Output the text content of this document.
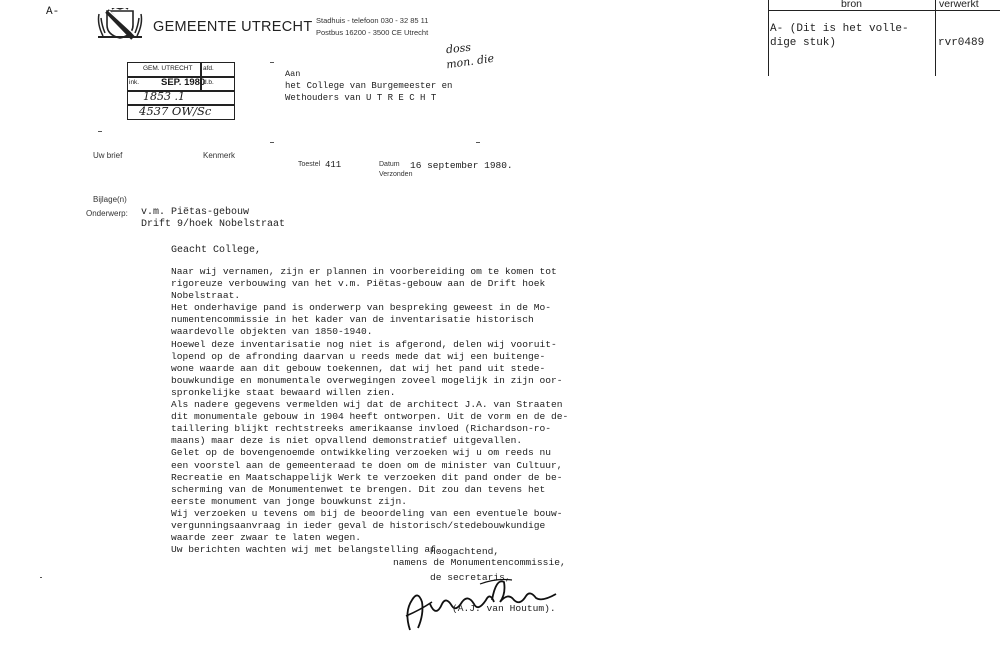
A-
GEMEENTE UTRECHT Stadhuis - telefoon 030 - 32 85 11
Postbus 16200 - 3500 CE Utrecht
doss
mon. die
GEM. UTRECHT afd.
ink. SEP. 1980
d.b.
1853 .1
4537 OW/Sc
Aan
het College van Burgemeester en
Wethouders van U T R E C H T
Uw brief	Kenmerk
Toestel 411	Datum 16 september 1980.
Verzonden
Bijlage(n)
Onderwerp: v.m. Piëtas-gebouw
Drift 9/hoek Nobelstraat
Geacht College,
Naar wij vernamen, zijn er plannen in voorbereiding om te komen tot
rigoreuze verbouwing van het v.m. Piëtas-gebouw aan de Drift hoek
Nobelstraat.
Het onderhavige pand is onderwerp van bespreking geweest in de Mo-
numentencommissie in het kader van de inventarisatie historisch
waardevolle objekten van 1850-1940.
Hoewel deze inventarisatie nog niet is afgerond, delen wij vooruit-
lopend op de afronding daarvan u reeds mede dat wij een buitenge-
wone waarde aan dit gebouw toekennen, dat wij het pand uit stede-
bouwkundige en monumentale overwegingen zoveel mogelijk in zijn oor-
spronkelijke staat bewaard willen zien.
Als nadere gegevens vermelden wij dat de architect J.A. van Straaten
dit monumentale gebouw in 1904 heeft ontworpen. Uit de vorm en de de-
taillering blijkt rechtstreeks amerikaanse invloed (Richardson-ro-
maans) maar deze is niet opvallend demonstratief uitgevallen.
Gelet op de bovengenoemde ontwikkeling verzoeken wij u om reeds nu
een voorstel aan de gemeenteraad te doen om de minister van Cultuur,
Recreatie en Maatschappelijk Werk te verzoeken dit pand onder de be-
scherming van de Monumentenwet te brengen. Dit zou dan tevens het
eerste monument van jonge bouwkunst zijn.
Wij verzoeken u tevens om bij de beoordeling van een eventuele bouw-
vergunningsaanvraag in ieder geval de historisch/stedebouwkundige
waarde zeer zwaar te laten wegen.
Uw berichten wachten wij met belangstelling af.
Hoogachtend,
namens de Monumentencommissie,
de secretaris,
(A.J. van Houtum).
bron	verwerkt
A- (Dit is het volle-
dige stuk)	rvr0489
